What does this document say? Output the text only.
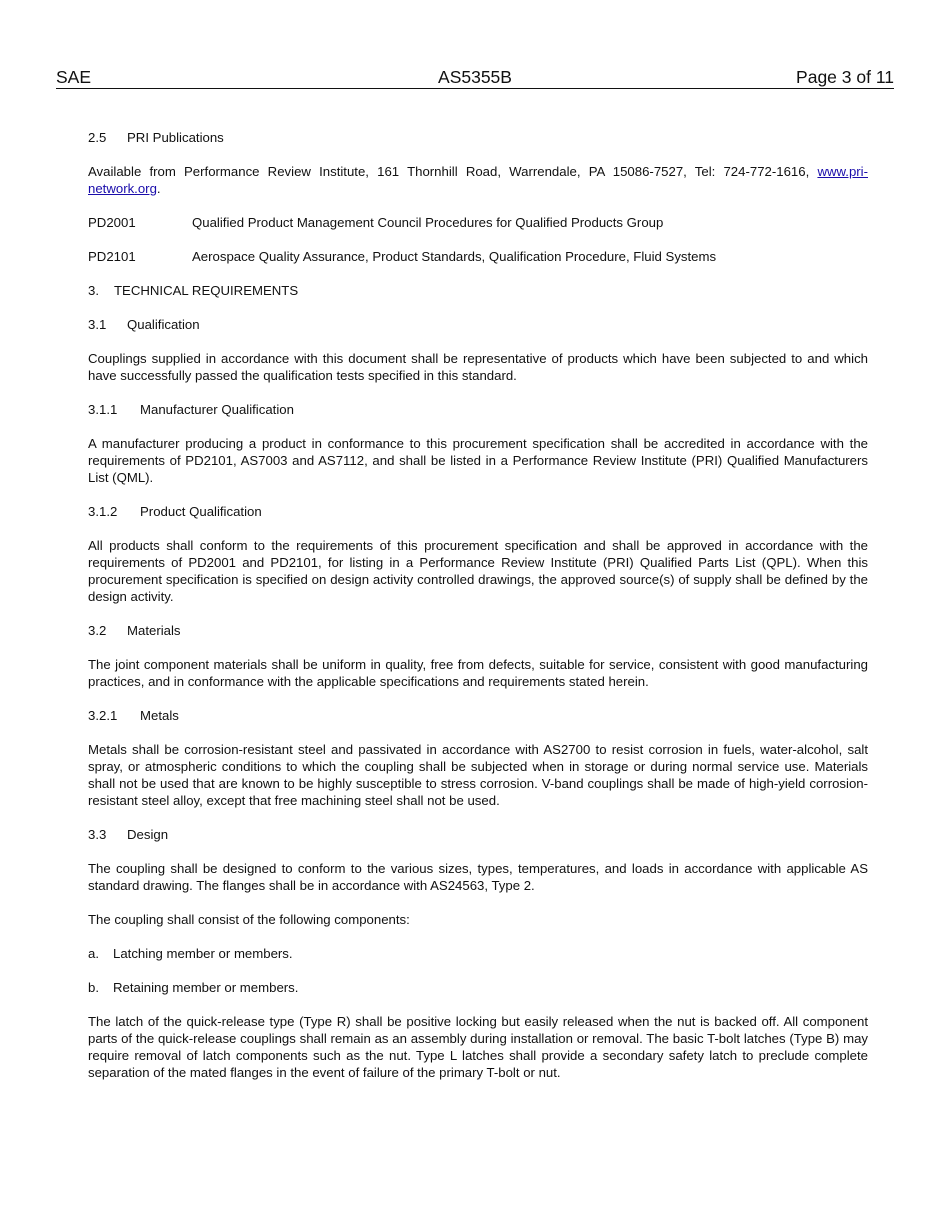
SAE	AS5355B	Page 3 of 11
2.5 PRI Publications

Available from Performance Review Institute, 161 Thornhill Road, Warrendale, PA 15086-7527, Tel: 724-772-1616, www.pri-network.org.

PD2001	Qualified Product Management Council Procedures for Qualified Products Group
PD2101	Aerospace Quality Assurance, Product Standards, Qualification Procedure, Fluid Systems
3. TECHNICAL REQUIREMENTS
3.1 Qualification

Couplings supplied in accordance with this document shall be representative of products which have been subjected to and which have successfully passed the qualification tests specified in this standard.

3.1.1 Manufacturer Qualification

A manufacturer producing a product in conformance to this procurement specification shall be accredited in accordance with the requirements of PD2101, AS7003 and AS7112, and shall be listed in a Performance Review Institute (PRI) Qualified Manufacturers List (QML).

3.1.2 Product Qualification

All products shall conform to the requirements of this procurement specification and shall be approved in accordance with the requirements of PD2001 and PD2101, for listing in a Performance Review Institute (PRI) Qualified Parts List (QPL). When this procurement specification is specified on design activity controlled drawings, the approved source(s) of supply shall be defined by the design activity.

3.2 Materials

The joint component materials shall be uniform in quality, free from defects, suitable for service, consistent with good manufacturing practices, and in conformance with the applicable specifications and requirements stated herein.

3.2.1 Metals

Metals shall be corrosion-resistant steel and passivated in accordance with AS2700 to resist corrosion in fuels, water-alcohol, salt spray, or atmospheric conditions to which the coupling shall be subjected when in storage or during normal service use. Materials shall not be used that are known to be highly susceptible to stress corrosion. V-band couplings shall be made of high-yield corrosion-resistant steel alloy, except that free machining steel shall not be used.

3.3 Design

The coupling shall be designed to conform to the various sizes, types, temperatures, and loads in accordance with applicable AS standard drawing. The flanges shall be in accordance with AS24563, Type 2.

The coupling shall consist of the following components:

a. Latching member or members.
b. Retaining member or members.

The latch of the quick-release type (Type R) shall be positive locking but easily released when the nut is backed off. All component parts of the quick-release couplings shall remain as an assembly during installation or removal. The basic T-bolt latches (Type B) may require removal of latch components such as the nut. Type L latches shall provide a secondary safety latch to preclude complete separation of the mated flanges in the event of failure of the primary T-bolt or nut.
